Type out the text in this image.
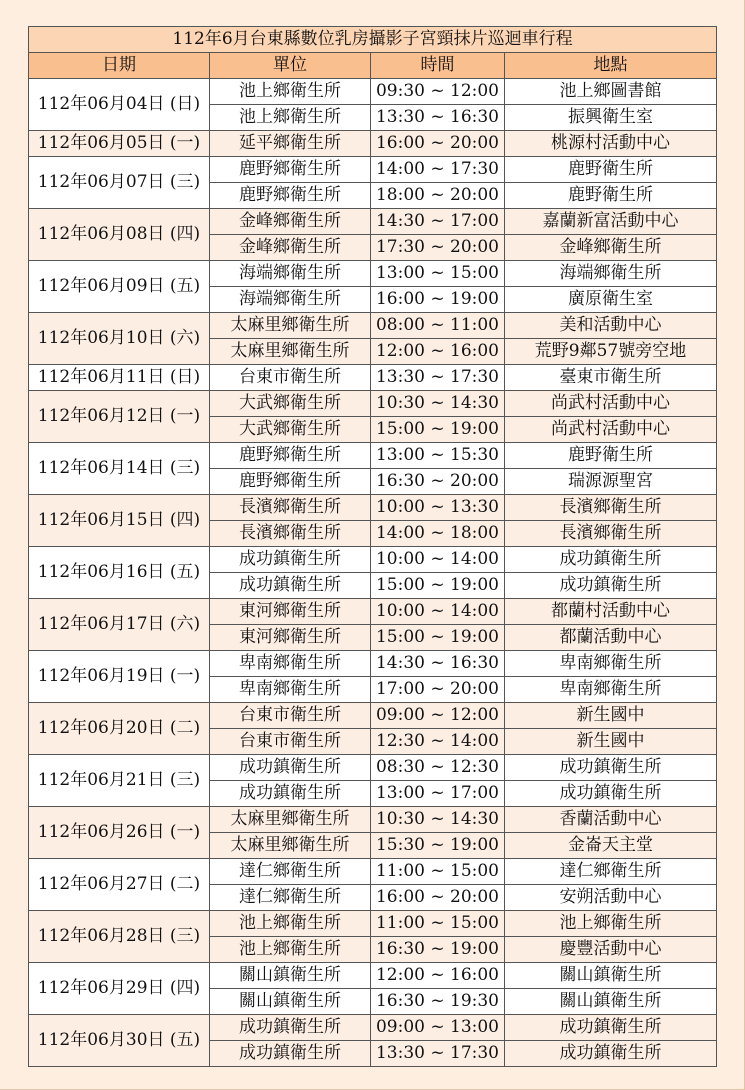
112年6月台東縣數位乳房攝影子宮頸抹片巡迴車行程			
日期	單位	時間	地點
112年06月04日 (日)	池上鄉衛生所	09:30 ~ 12:00	池上鄉圖書館
	池上鄉衛生所	13:30 ~ 16:30	振興衛生室
112年06月05日 (一)	延平鄉衛生所	16:00 ~ 20:00	桃源村活動中心
112年06月07日 (三)	鹿野鄉衛生所	14:00 ~ 17:30	鹿野衛生所
	鹿野鄉衛生所	18:00 ~ 20:00	鹿野衛生所
112年06月08日 (四)	金峰鄉衛生所	14:30 ~ 17:00	嘉蘭新富活動中心
	金峰鄉衛生所	17:30 ~ 20:00	金峰鄉衛生所
112年06月09日 (五)	海端鄉衛生所	13:00 ~ 15:00	海端鄉衛生所
	海端鄉衛生所	16:00 ~ 19:00	廣原衛生室
112年06月10日 (六)	太麻里鄉衛生所	08:00 ~ 11:00	美和活動中心
	太麻里鄉衛生所	12:00 ~ 16:00	荒野9鄰57號旁空地
112年06月11日 (日)	台東市衛生所	13:30 ~ 17:30	臺東市衛生所
112年06月12日 (一)	大武鄉衛生所	10:30 ~ 14:30	尚武村活動中心
	大武鄉衛生所	15:00 ~ 19:00	尚武村活動中心
112年06月14日 (三)	鹿野鄉衛生所	13:00 ~ 15:30	鹿野衛生所
	鹿野鄉衛生所	16:30 ~ 20:00	瑞源源聖宮
112年06月15日 (四)	長濱鄉衛生所	10:00 ~ 13:30	長濱鄉衛生所
	長濱鄉衛生所	14:00 ~ 18:00	長濱鄉衛生所
112年06月16日 (五)	成功鎮衛生所	10:00 ~ 14:00	成功鎮衛生所
	成功鎮衛生所	15:00 ~ 19:00	成功鎮衛生所
112年06月17日 (六)	東河鄉衛生所	10:00 ~ 14:00	都蘭村活動中心
	東河鄉衛生所	15:00 ~ 19:00	都蘭活動中心
112年06月19日 (一)	卑南鄉衛生所	14:30 ~ 16:30	卑南鄉衛生所
	卑南鄉衛生所	17:00 ~ 20:00	卑南鄉衛生所
112年06月20日 (二)	台東市衛生所	09:00 ~ 12:00	新生國中
	台東市衛生所	12:30 ~ 14:00	新生國中
112年06月21日 (三)	成功鎮衛生所	08:30 ~ 12:30	成功鎮衛生所
	成功鎮衛生所	13:00 ~ 17:00	成功鎮衛生所
112年06月26日 (一)	太麻里鄉衛生所	10:30 ~ 14:30	香蘭活動中心
	太麻里鄉衛生所	15:30 ~ 19:00	金崙天主堂
112年06月27日 (二)	達仁鄉衛生所	11:00 ~ 15:00	達仁鄉衛生所
	達仁鄉衛生所	16:00 ~ 20:00	安朔活動中心
112年06月28日 (三)	池上鄉衛生所	11:00 ~ 15:00	池上鄉衛生所
	池上鄉衛生所	16:30 ~ 19:00	慶豐活動中心
112年06月29日 (四)	關山鎮衛生所	12:00 ~ 16:00	關山鎮衛生所
	關山鎮衛生所	16:30 ~ 19:30	關山鎮衛生所
112年06月30日 (五)	成功鎮衛生所	09:00 ~ 13:00	成功鎮衛生所
	成功鎮衛生所	13:30 ~ 17:30	成功鎮衛生所
